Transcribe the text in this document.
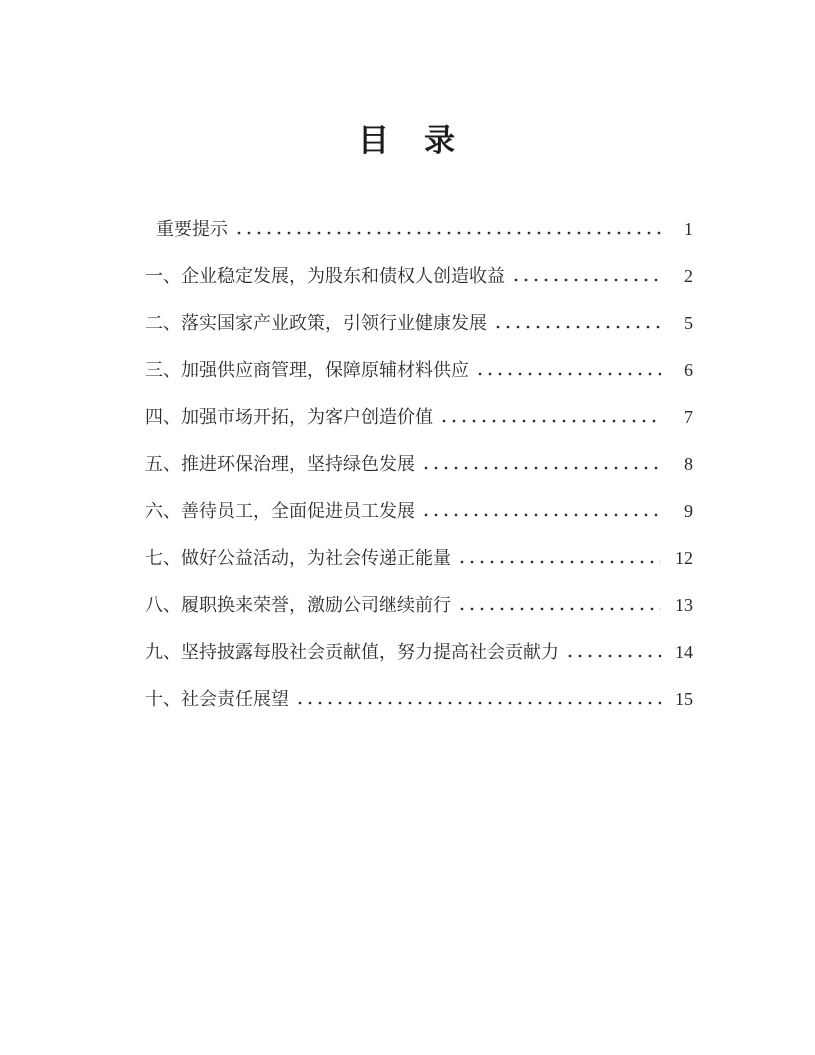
目　录
重要提示	1
一、企业稳定发展，为股东和债权人创造收益	2
二、落实国家产业政策，引领行业健康发展	5
三、加强供应商管理，保障原辅材料供应	6
四、加强市场开拓，为客户创造价值	7
五、推进环保治理，坚持绿色发展	8
六、善待员工，全面促进员工发展	9
七、做好公益活动，为社会传递正能量	12
八、履职换来荣誉，激励公司继续前行	13
九、坚持披露每股社会贡献值，努力提高社会贡献力	14
十、社会责任展望	15
